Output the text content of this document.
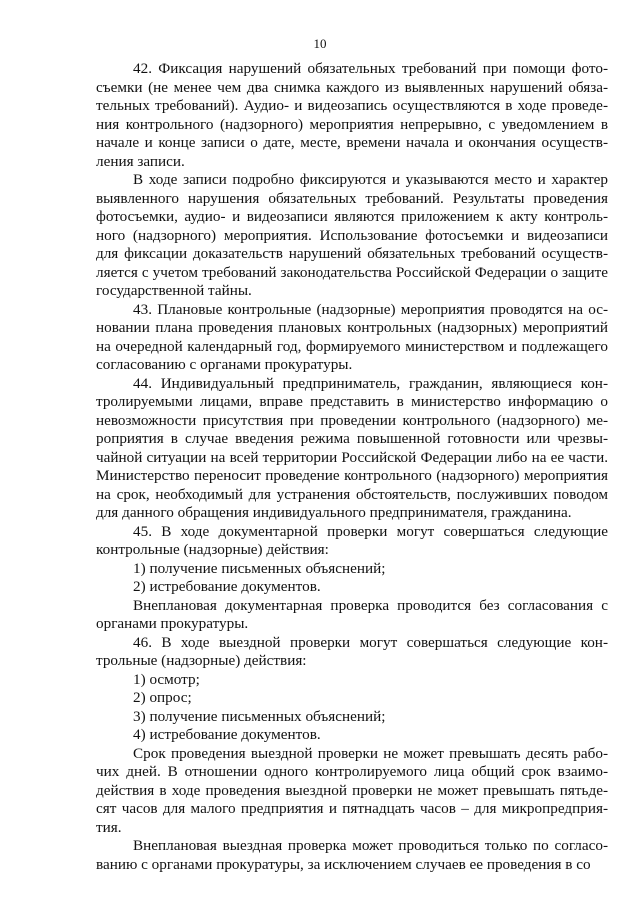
10

42. Фиксация нарушений обязательных требований при помощи фотосъемки (не менее чем два снимка каждого из выявленных нарушений обязательных требований). Аудио- и видеозапись осуществляются в ходе проведения контрольного (надзорного) мероприятия непрерывно, с уведомлением в начале и конце записи о дате, месте, времени начала и окончания осуществления записи.

В ходе записи подробно фиксируются и указываются место и характер выявленного нарушения обязательных требований. Результаты проведения фотосъемки, аудио- и видеозаписи являются приложением к акту контрольного (надзорного) мероприятия. Использование фотосъемки и видеозаписи для фиксации доказательств нарушений обязательных требований осуществляется с учетом требований законодательства Российской Федерации о защите государственной тайны.

43. Плановые контрольные (надзорные) мероприятия проводятся на основании плана проведения плановых контрольных (надзорных) мероприятий на очередной календарный год, формируемого министерством и подлежащего согласованию с органами прокуратуры.

44. Индивидуальный предприниматель, гражданин, являющиеся контролируемыми лицами, вправе представить в министерство информацию о невозможности присутствия при проведении контрольного (надзорного) мероприятия в случае введения режима повышенной готовности или чрезвычайной ситуации на всей территории Российской Федерации либо на ее части. Министерство переносит проведение контрольного (надзорного) мероприятия на срок, необходимый для устранения обстоятельств, послуживших поводом для данного обращения индивидуального предпринимателя, гражданина.

45. В ходе документарной проверки могут совершаться следующие контрольные (надзорные) действия:

1) получение письменных объяснений;

2) истребование документов.

Внеплановая документарная проверка проводится без согласования с органами прокуратуры.

46. В ходе выездной проверки могут совершаться следующие контрольные (надзорные) действия:

1) осмотр;

2) опрос;

3) получение письменных объяснений;

4) истребование документов.

Срок проведения выездной проверки не может превышать десять рабочих дней. В отношении одного контролируемого лица общий срок взаимодействия в ходе проведения выездной проверки не может превышать пятьдесят часов для малого предприятия и пятнадцать часов – для микропредприятия.

Внеплановая выездная проверка может проводиться только по согласованию с органами прокуратуры, за исключением случаев ее проведения в со
